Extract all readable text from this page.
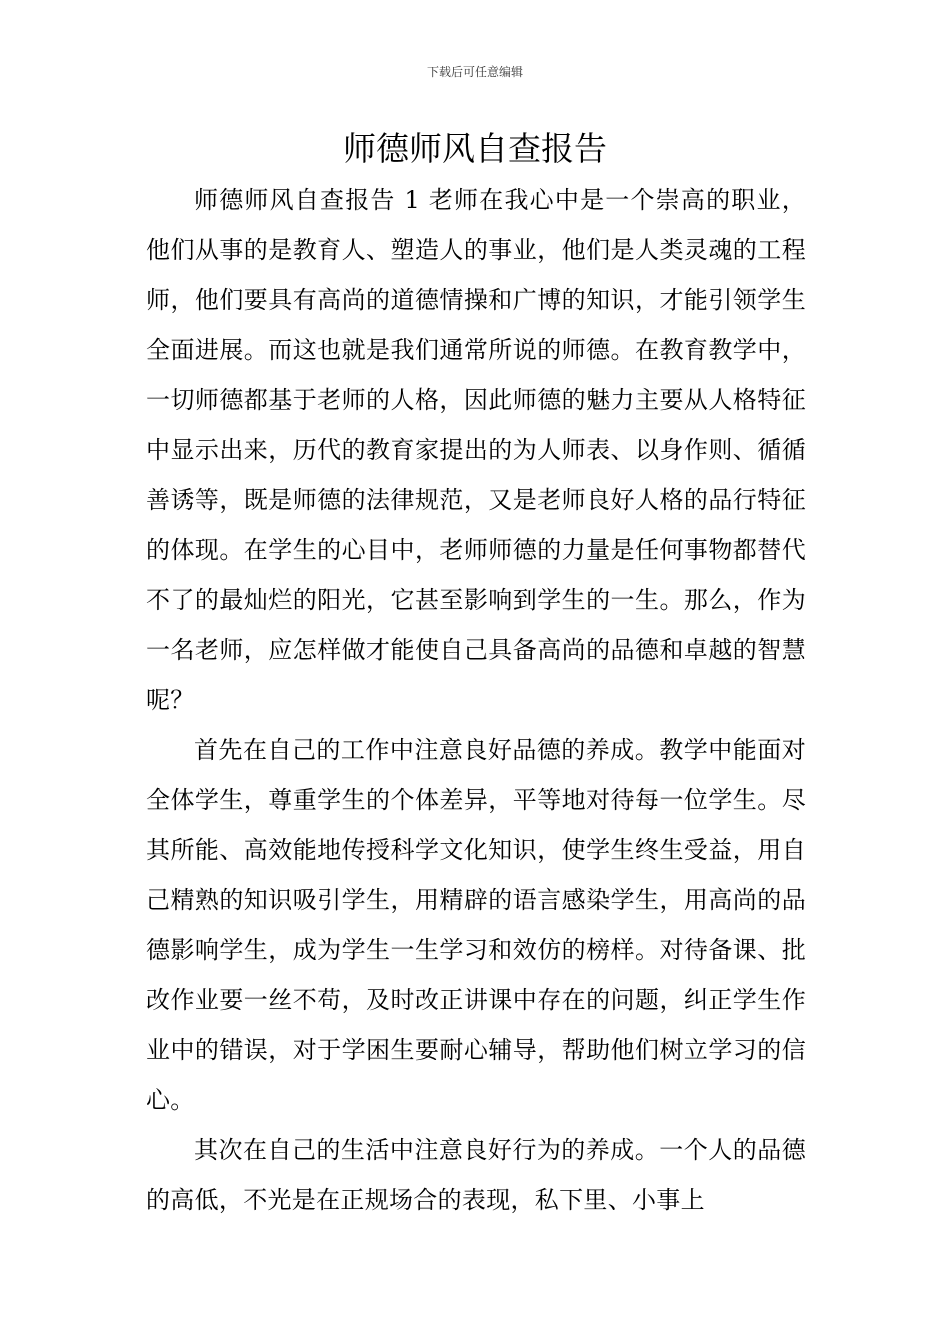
下载后可任意编辑
师德师风自查报告

师德师风自查报告 1 老师在我心中是一个崇高的职业，他们从事的是教育人、塑造人的事业，他们是人类灵魂的工程师，他们要具有高尚的道德情操和广博的知识，才能引领学生全面进展。而这也就是我们通常所说的师德。在教育教学中，一切师德都基于老师的人格，因此师德的魅力主要从人格特征中显示出来，历代的教育家提出的为人师表、以身作则、循循善诱等，既是师德的法律规范，又是老师良好人格的品行特征的体现。在学生的心目中，老师师德的力量是任何事物都替代不了的最灿烂的阳光，它甚至影响到学生的一生。那么，作为一名老师，应怎样做才能使自己具备高尚的品德和卓越的智慧呢？

首先在自己的工作中注意良好品德的养成。教学中能面对全体学生，尊重学生的个体差异，平等地对待每一位学生。尽其所能、高效能地传授科学文化知识，使学生终生受益，用自己精熟的知识吸引学生，用精辟的语言感染学生，用高尚的品德影响学生，成为学生一生学习和效仿的榜样。对待备课、批改作业要一丝不苟，及时改正讲课中存在的问题，纠正学生作业中的错误，对于学困生要耐心辅导，帮助他们树立学习的信心。

其次在自己的生活中注意良好行为的养成。一个人的品德的高低，不光是在正规场合的表现，私下里、小事上
